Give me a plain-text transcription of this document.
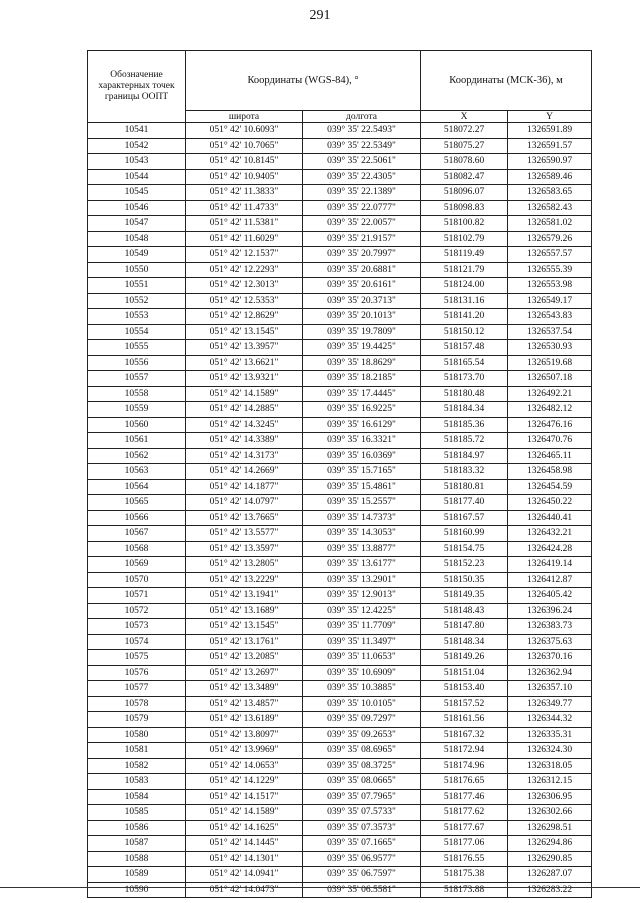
291
Обозначение характерных точек границы ООПТ	Координаты (WGS-84), °		Координаты (МСК-36), м	
	широта	долгота	X	Y
10541	051° 42' 10.6093"	039° 35' 22.5493"	518072.27	1326591.89
10542	051° 42' 10.7065"	039° 35' 22.5349"	518075.27	1326591.57
10543	051° 42' 10.8145"	039° 35' 22.5061"	518078.60	1326590.97
10544	051° 42' 10.9405"	039° 35' 22.4305"	518082.47	1326589.46
10545	051° 42' 11.3833"	039° 35' 22.1389"	518096.07	1326583.65
10546	051° 42' 11.4733"	039° 35' 22.0777"	518098.83	1326582.43
10547	051° 42' 11.5381"	039° 35' 22.0057"	518100.82	1326581.02
10548	051° 42' 11.6029"	039° 35' 21.9157"	518102.79	1326579.26
10549	051° 42' 12.1537"	039° 35' 20.7997"	518119.49	1326557.57
10550	051° 42' 12.2293"	039° 35' 20.6881"	518121.79	1326555.39
10551	051° 42' 12.3013"	039° 35' 20.6161"	518124.00	1326553.98
10552	051° 42' 12.5353"	039° 35' 20.3713"	518131.16	1326549.17
10553	051° 42' 12.8629"	039° 35' 20.1013"	518141.20	1326543.83
10554	051° 42' 13.1545"	039° 35' 19.7809"	518150.12	1326537.54
10555	051° 42' 13.3957"	039° 35' 19.4425"	518157.48	1326530.93
10556	051° 42' 13.6621"	039° 35' 18.8629"	518165.54	1326519.68
10557	051° 42' 13.9321"	039° 35' 18.2185"	518173.70	1326507.18
10558	051° 42' 14.1589"	039° 35' 17.4445"	518180.48	1326492.21
10559	051° 42' 14.2885"	039° 35' 16.9225"	518184.34	1326482.12
10560	051° 42' 14.3245"	039° 35' 16.6129"	518185.36	1326476.16
10561	051° 42' 14.3389"	039° 35' 16.3321"	518185.72	1326470.76
10562	051° 42' 14.3173"	039° 35' 16.0369"	518184.97	1326465.11
10563	051° 42' 14.2669"	039° 35' 15.7165"	518183.32	1326458.98
10564	051° 42' 14.1877"	039° 35' 15.4861"	518180.81	1326454.59
10565	051° 42' 14.0797"	039° 35' 15.2557"	518177.40	1326450.22
10566	051° 42' 13.7665"	039° 35' 14.7373"	518167.57	1326440.41
10567	051° 42' 13.5577"	039° 35' 14.3053"	518160.99	1326432.21
10568	051° 42' 13.3597"	039° 35' 13.8877"	518154.75	1326424.28
10569	051° 42' 13.2805"	039° 35' 13.6177"	518152.23	1326419.14
10570	051° 42' 13.2229"	039° 35' 13.2901"	518150.35	1326412.87
10571	051° 42' 13.1941"	039° 35' 12.9013"	518149.35	1326405.42
10572	051° 42' 13.1689"	039° 35' 12.4225"	518148.43	1326396.24
10573	051° 42' 13.1545"	039° 35' 11.7709"	518147.80	1326383.73
10574	051° 42' 13.1761"	039° 35' 11.3497"	518148.34	1326375.63
10575	051° 42' 13.2085"	039° 35' 11.0653"	518149.26	1326370.16
10576	051° 42' 13.2697"	039° 35' 10.6909"	518151.04	1326362.94
10577	051° 42' 13.3489"	039° 35' 10.3885"	518153.40	1326357.10
10578	051° 42' 13.4857"	039° 35' 10.0105"	518157.52	1326349.77
10579	051° 42' 13.6189"	039° 35' 09.7297"	518161.56	1326344.32
10580	051° 42' 13.8097"	039° 35' 09.2653"	518167.32	1326335.31
10581	051° 42' 13.9969"	039° 35' 08.6965"	518172.94	1326324.30
10582	051° 42' 14.0653"	039° 35' 08.3725"	518174.96	1326318.05
10583	051° 42' 14.1229"	039° 35' 08.0665"	518176.65	1326312.15
10584	051° 42' 14.1517"	039° 35' 07.7965"	518177.46	1326306.95
10585	051° 42' 14.1589"	039° 35' 07.5733"	518177.62	1326302.66
10586	051° 42' 14.1625"	039° 35' 07.3573"	518177.67	1326298.51
10587	051° 42' 14.1445"	039° 35' 07.1665"	518177.06	1326294.86
10588	051° 42' 14.1301"	039° 35' 06.9577"	518176.55	1326290.85
10589	051° 42' 14.0941"	039° 35' 06.7597"	518175.38	1326287.07
10590	051° 42' 14.0473"	039° 35' 06.5581"	518173.88	1326283.22
